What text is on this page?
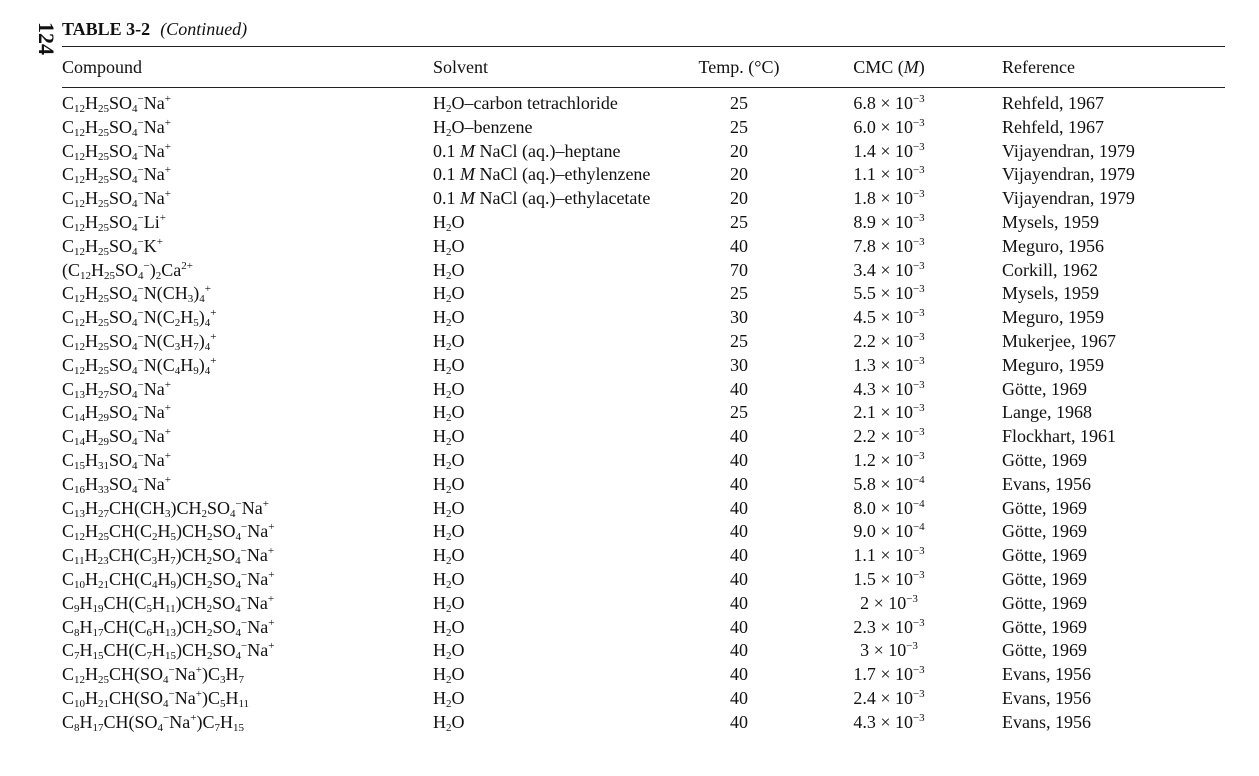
124 TABLE 3-2 (Continued)
Compound	Solvent	Temp. (°C)	CMC (M)	Reference
$C_{12}H_{25}SO_4^-Na^+$	$H_2O$–carbon tetrachloride	25	$6.8 \times 10^{-3}$	Rehfeld, 1967
$C_{12}H_{25}SO_4^-Na^+$	$H_2O$–benzene	25	$6.0 \times 10^{-3}$	Rehfeld, 1967
$C_{12}H_{25}SO_4^-Na^+$	0.1 M NaCl (aq.)–heptane	20	$1.4 \times 10^{-3}$	Vijayendran, 1979
$C_{12}H_{25}SO_4^-Na^+$	0.1 M NaCl (aq.)–ethylenzene	20	$1.1 \times 10^{-3}$	Vijayendran, 1979
$C_{12}H_{25}SO_4^-Na^+$	0.1 M NaCl (aq.)–ethylacetate	20	$1.8 \times 10^{-3}$	Vijayendran, 1979
$C_{12}H_{25}SO_4^-Li^+$	$H_2O$	25	$8.9 \times 10^{-3}$	Mysels, 1959
$C_{12}H_{25}SO_4^-K^+$	$H_2O$	40	$7.8 \times 10^{-3}$	Meguro, 1956
$(C_{12}H_{25}SO_4^-)_2Ca^{2+}$	$H_2O$	70	$3.4 \times 10^{-3}$	Corkill, 1962
$C_{12}H_{25}SO_4^-N(CH_3)_4^+$	$H_2O$	25	$5.5 \times 10^{-3}$	Mysels, 1959
$C_{12}H_{25}SO_4^-N(C_2H_5)_4^+$	$H_2O$	30	$4.5 \times 10^{-3}$	Meguro, 1959
$C_{12}H_{25}SO_4^-N(C_3H_7)_4^+$	$H_2O$	25	$2.2 \times 10^{-3}$	Mukerjee, 1967
$C_{12}H_{25}SO_4^-N(C_4H_9)_4^+$	$H_2O$	30	$1.3 \times 10^{-3}$	Meguro, 1959
$C_{13}H_{27}SO_4^-Na^+$	$H_2O$	40	$4.3 \times 10^{-3}$	Götte, 1969
$C_{14}H_{29}SO_4^-Na^+$	$H_2O$	25	$2.1 \times 10^{-3}$	Lange, 1968
$C_{14}H_{29}SO_4^-Na^+$	$H_2O$	40	$2.2 \times 10^{-3}$	Flockhart, 1961
$C_{15}H_{31}SO_4^-Na^+$	$H_2O$	40	$1.2 \times 10^{-3}$	Götte, 1969
$C_{16}H_{33}SO_4^-Na^+$	$H_2O$	40	$5.8 \times 10^{-4}$	Evans, 1956
$C_{13}H_{27}CH(CH_3)CH_2SO_4^-Na^+$	$H_2O$	40	$8.0 \times 10^{-4}$	Götte, 1969
$C_{12}H_{25}CH(C_2H_5)CH_2SO_4^-Na^+$	$H_2O$	40	$9.0 \times 10^{-4}$	Götte, 1969
$C_{11}H_{23}CH(C_3H_7)CH_2SO_4^-Na^+$	$H_2O$	40	$1.1 \times 10^{-3}$	Götte, 1969
$C_{10}H_{21}CH(C_4H_9)CH_2SO_4^-Na^+$	$H_2O$	40	$1.5 \times 10^{-3}$	Götte, 1969
$C_9H_{19}CH(C_5H_{11})CH_2SO_4^-Na^+$	$H_2O$	40	$2 \times 10^{-3}$	Götte, 1969
$C_8H_{17}CH(C_6H_{13})CH_2SO_4^-Na^+$	$H_2O$	40	$2.3 \times 10^{-3}$	Götte, 1969
$C_7H_{15}CH(C_7H_{15})CH_2SO_4^-Na^+$	$H_2O$	40	$3 \times 10^{-3}$	Götte, 1969
$C_{12}H_{25}CH(SO_4^-Na^+)C_3H_7$	$H_2O$	40	$1.7 \times 10^{-3}$	Evans, 1956
$C_{10}H_{21}CH(SO_4^-Na^+)C_5H_{11}$	$H_2O$	40	$2.4 \times 10^{-3}$	Evans, 1956
$C_8H_{17}CH(SO_4^-Na^+)C_7H_{15}$	$H_2O$	40	$4.3 \times 10^{-3}$	Evans, 1956
